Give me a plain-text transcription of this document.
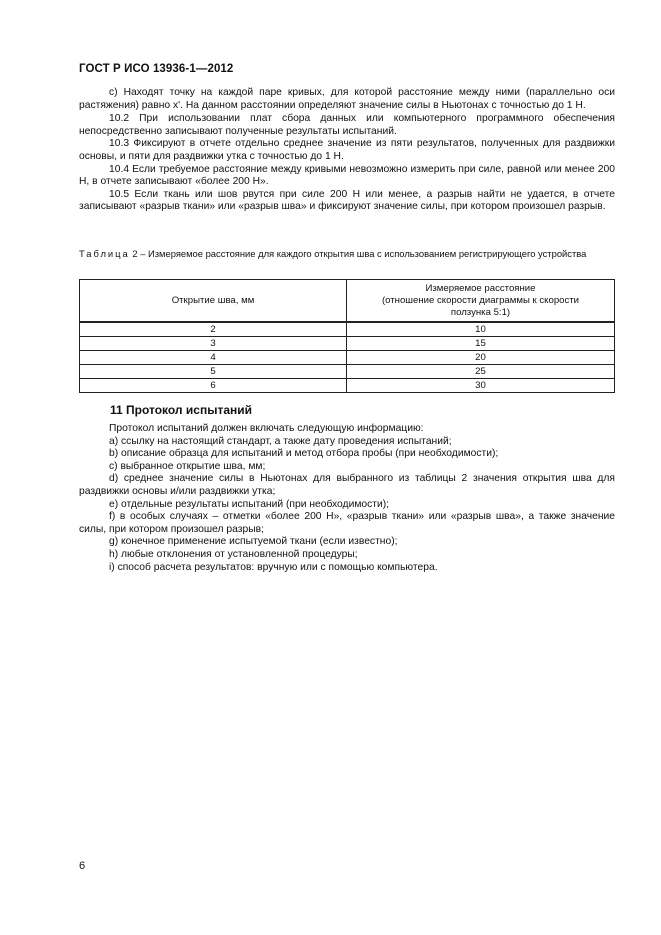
ГОСТ Р ИСО 13936-1—2012

с) Находят точку на каждой паре кривых, для которой расстояние между ними (параллельно оси растяжения) равно x'. На данном расстоянии определяют значение силы в Ньютонах с точностью до 1 Н.

10.2 При использовании плат сбора данных или компьютерного программного обеспечения непосредственно записывают полученные результаты испытаний.

10.3 Фиксируют в отчете отдельно среднее значение из пяти результатов, полученных для раздвижки основы, и пяти для раздвижки утка с точностью до 1 Н.

10.4 Если требуемое расстояние между кривыми невозможно измерить при силе, равной или менее 200 Н, в отчете записывают «более 200 Н».

10.5 Если ткань или шов рвутся при силе 200 Н или менее, а разрыв найти не удается, в отчете записывают «разрыв ткани» или «разрыв шва» и фиксируют значение силы, при котором произошел разрыв.

Таблица 2 – Измеряемое расстояние для каждого открытия шва с использованием регистрирующего устройства
Открытие шва, мм	Измеряемое расстояние
(отношение скорости диаграммы к скорости
ползунка 5:1)

2	10
3	15
4	20
5	25
6	30
11 Протокол испытаний

Протокол испытаний должен включать следующую информацию:

а) ссылку на настоящий стандарт, а также дату проведения испытаний;

b) описание образца для испытаний и метод отбора пробы (при необходимости);

с) выбранное открытие шва, мм;

d) среднее значение силы в Ньютонах для выбранного из таблицы 2 значения открытия шва для раздвижки основы и/или раздвижки утка;

е) отдельные результаты испытаний (при необходимости);

f) в особых случаях – отметки «более 200 Н», «разрыв ткани» или «разрыв шва», а также значение силы, при котором произошел разрыв;

g) конечное применение испытуемой ткани (если известно);

h) любые отклонения от установленной процедуры;

i) способ расчета результатов: вручную или с помощью компьютера.

6
